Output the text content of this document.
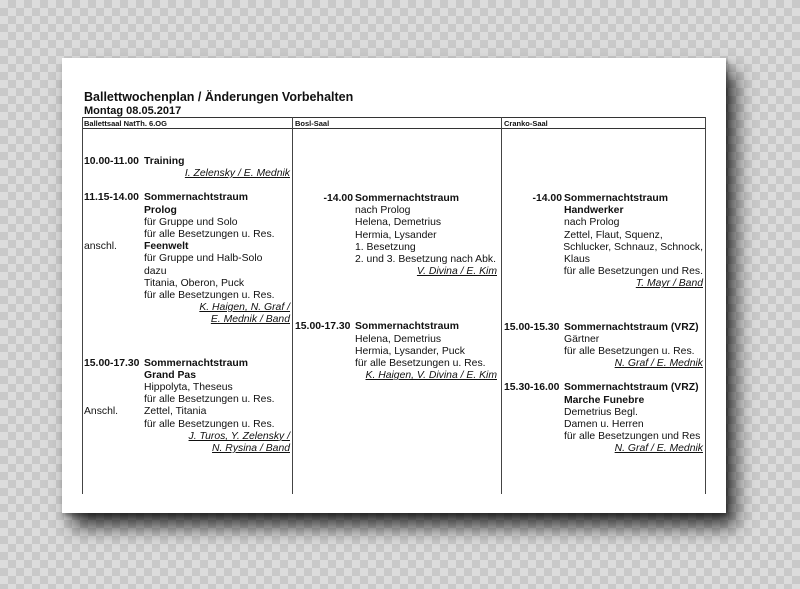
Ballettwochenplan / Änderungen Vorbehalten
Montag 08.05.2017
Ballettsaal NatTh. 6.OG	Bosl-Saal	Cranko-Saal
10.00-11.00 Training
I. Zelensky / E. Mednik
11.15-14.00 Sommernachtstraum
Prolog
für Gruppe und Solo
für alle Besetzungen u. Res.
anschl.	Feenwelt
für Gruppe und Halb-Solo
dazu
Titania, Oberon, Puck
für alle Besetzungen u. Res.
K. Haigen, N. Graf /
E. Mednik / Band
15.00-17.30 Sommernachtstraum
Grand Pas
Hippolyta, Theseus
für alle Besetzungen u. Res.
Anschl.	Zettel, Titania
für alle Besetzungen u. Res.
J. Turos, Y. Zelensky /
N. Rysina / Band
-14.00 Sommernachtstraum
nach Prolog
Helena, Demetrius
Hermia, Lysander
1. Besetzung
2. und 3. Besetzung nach Abk.
V. Divina / E. Kim
15.00-17.30 Sommernachtstraum
Helena, Demetrius
Hermia, Lysander, Puck
für alle Besetzungen u. Res.
K. Haigen, V. Divina / E. Kim
-14.00 Sommernachtstraum
Handwerker
nach Prolog
Zettel, Flaut, Squenz,
Schlucker, Schnauz, Schnock,
Klaus
für alle Besetzungen und Res.
T. Mayr / Band
15.00-15.30 Sommernachtstraum (VRZ)
Gärtner
für alle Besetzungen u. Res.
N. Graf / E. Mednik
15.30-16.00 Sommernachtstraum (VRZ)
Marche Funebre
Demetrius Begl.
Damen u. Herren
für alle Besetzungen und Res
N. Graf / E. Mednik
